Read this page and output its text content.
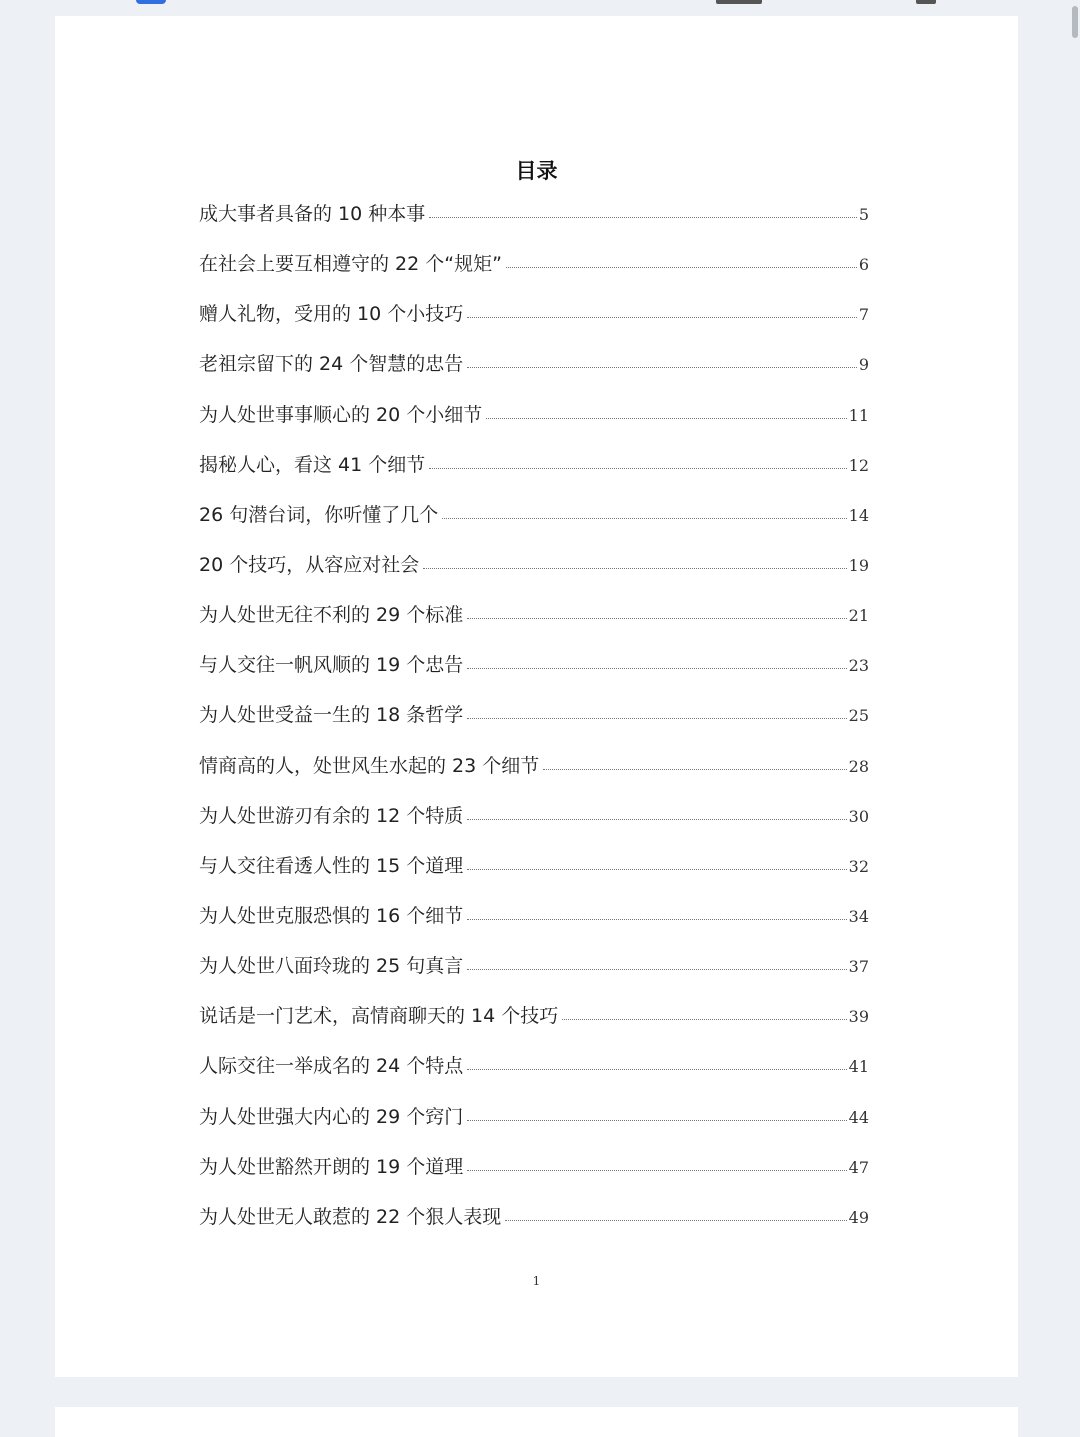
目录
成大事者具备的 10 种本事	5
在社会上要互相遵守的 22 个“规矩”	6
赠人礼物，受用的 10 个小技巧	7
老祖宗留下的 24 个智慧的忠告	9
为人处世事事顺心的 20 个小细节	11
揭秘人心，看这 41 个细节	12
26 句潜台词，你听懂了几个	14
20 个技巧，从容应对社会	19
为人处世无往不利的 29 个标准	21
与人交往一帆风顺的 19 个忠告	23
为人处世受益一生的 18 条哲学	25
情商高的人，处世风生水起的 23 个细节	28
为人处世游刃有余的 12 个特质	30
与人交往看透人性的 15 个道理	32
为人处世克服恐惧的 16 个细节	34
为人处世八面玲珑的 25 句真言	37
说话是一门艺术，高情商聊天的 14 个技巧	39
人际交往一举成名的 24 个特点	41
为人处世强大内心的 29 个窍门	44
为人处世豁然开朗的 19 个道理	47
为人处世无人敢惹的 22 个狠人表现	49
1
